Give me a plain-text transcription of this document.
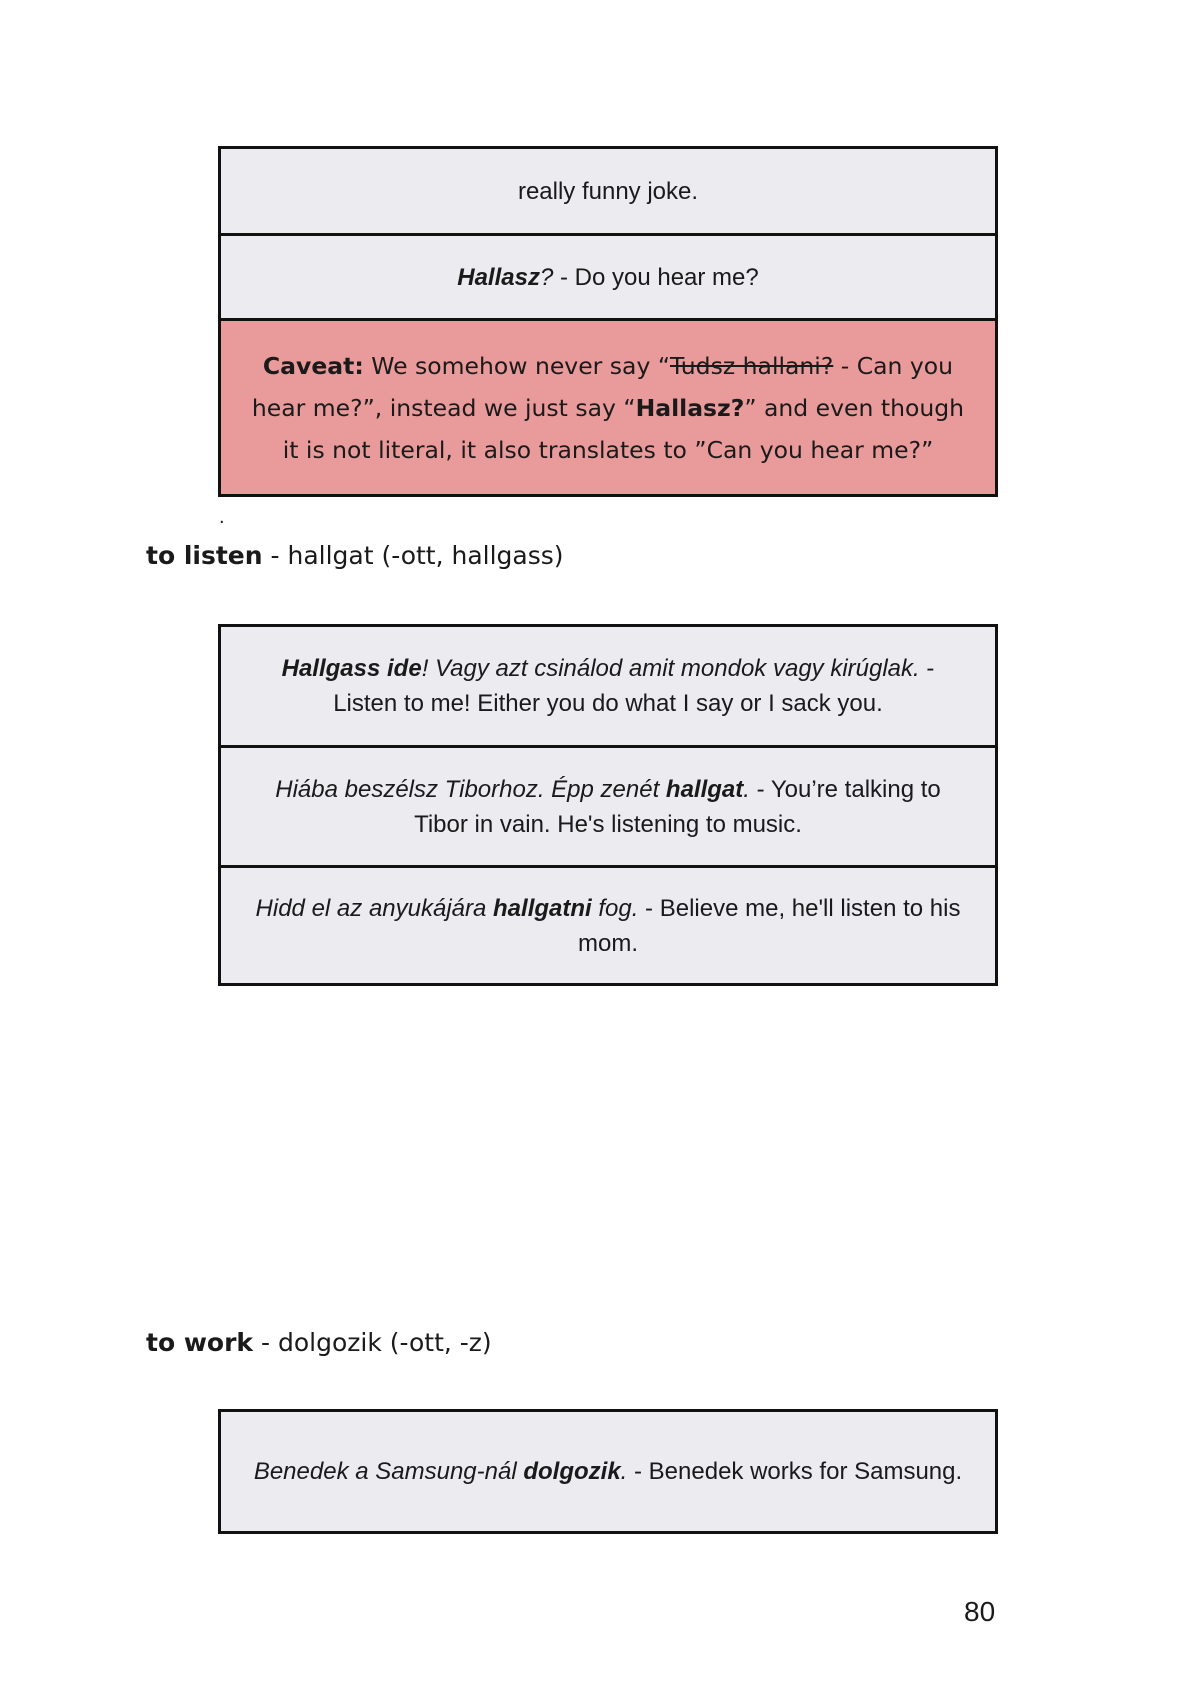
really funny joke.
Hallasz? - Do you hear me?
Caveat: We somehow never say “Tudsz hallani? - Can you hear me?”, instead we just say “Hallasz?” and even though it is not literal, it also translates to ”Can you hear me?”
.
to listen - hallgat (-ott, hallgass)
Hallgass ide! Vagy azt csinálod amit mondok vagy kirúglak. - Listen to me! Either you do what I say or I sack you.
Hiába beszélsz Tiborhoz. Épp zenét hallgat. - You’re talking to Tibor in vain. He's listening to music.
Hidd el az anyukájára hallgatni fog. - Believe me, he'll listen to his mom.
to work - dolgozik (-ott, -z)
Benedek a Samsung-nál dolgozik. - Benedek works for Samsung.
80
